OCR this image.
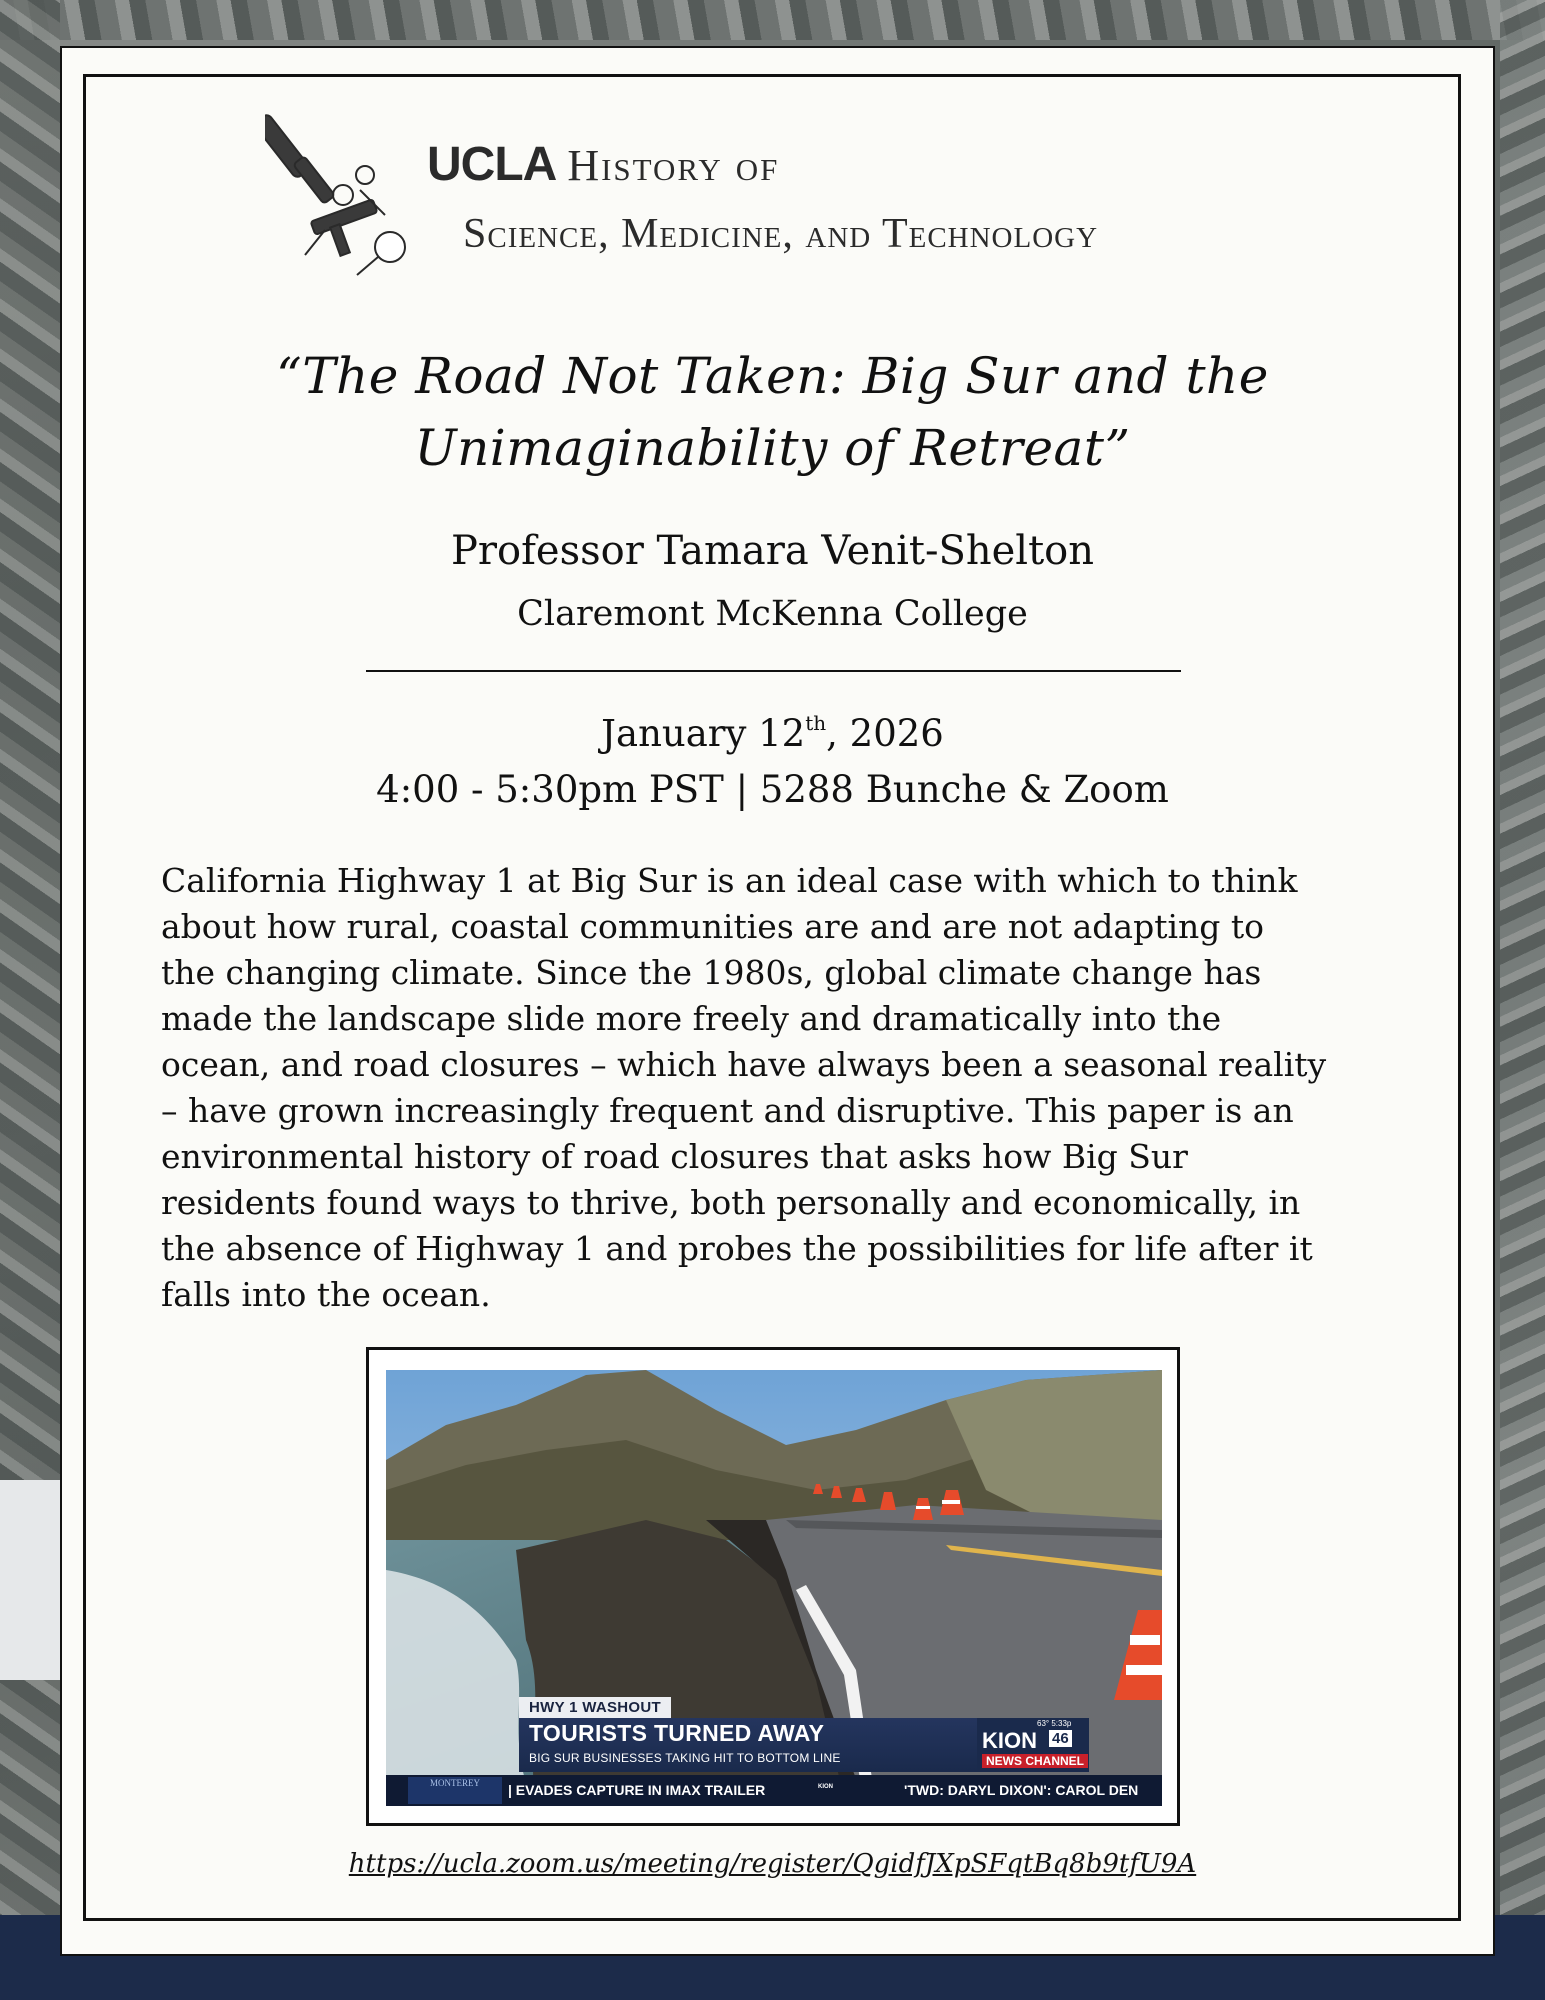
UCLA History of
Science, Medicine, and Technology
“The Road Not Taken: Big Sur and the Unimaginability of Retreat”
Professor Tamara Venit-Shelton
Claremont McKenna College
January 12th, 2026
4:00 - 5:30pm PST | 5288 Bunche & Zoom
California Highway 1 at Big Sur is an ideal case with which to think
about how rural, coastal communities are and are not adapting to
the changing climate. Since the 1980s, global climate change has
made the landscape slide more freely and dramatically into the
ocean, and road closures – which have always been a seasonal reality
– have grown increasingly frequent and disruptive. This paper is an
environmental history of road closures that asks how Big Sur
residents found ways to thrive, both personally and economically, in
the absence of Highway 1 and probes the possibilities for life after it
falls into the ocean.
HWY 1 WASHOUT
TOURISTS TURNED AWAY
BIG SUR BUSINESSES TAKING HIT TO BOTTOM LINE
63° 5:33p
KION 46
NEWS CHANNEL
MONTEREY	| EVADES CAPTURE IN IMAX TRAILER	KION	'TWD: DARYL DIXON': CAROL DEN
https://ucla.zoom.us/meeting/register/QgidfJXpSFqtBq8b9tfU9A
